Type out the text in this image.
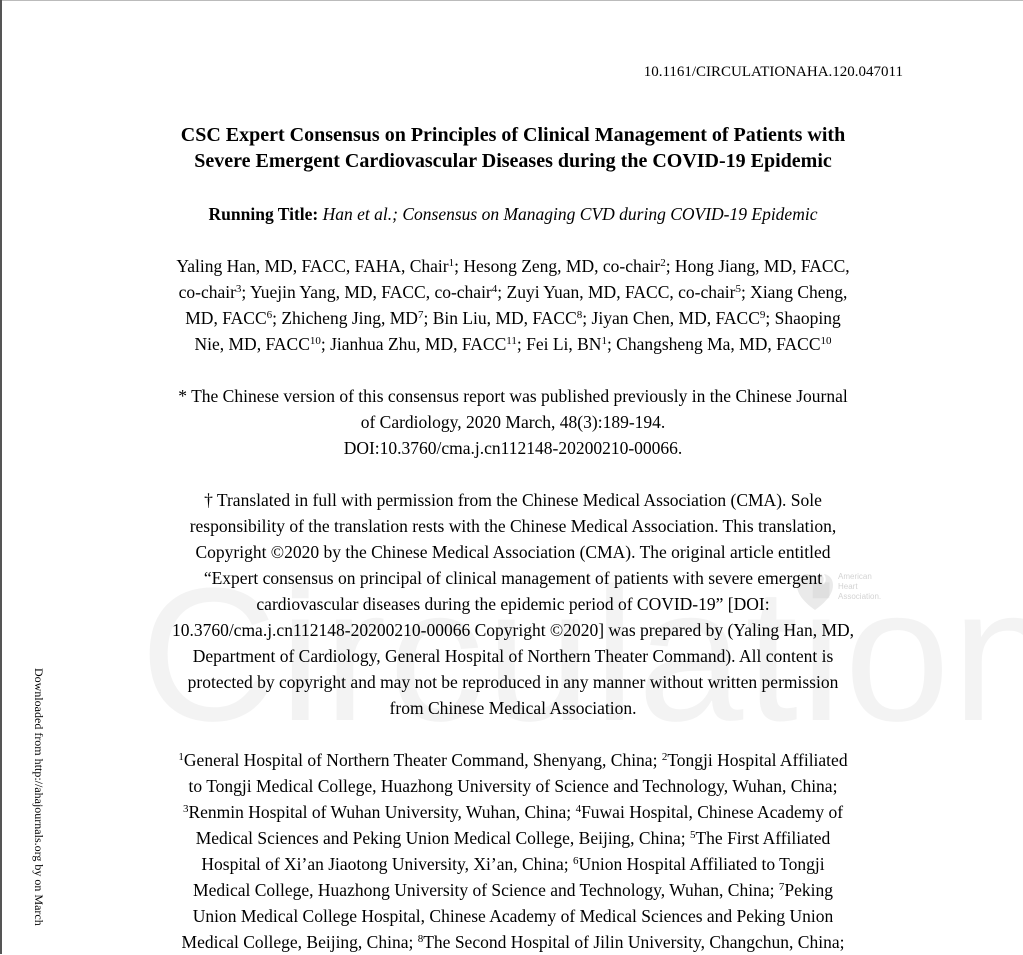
American
Heart
Association.
Downloaded from http://ahajournals.org by on March
10.1161/CIRCULATIONAHA.120.047011
CSC Expert Consensus on Principles of Clinical Management of Patients with
Severe Emergent Cardiovascular Diseases during the COVID-19 Epidemic
Running Title: Han et al.; Consensus on Managing CVD during COVID-19 Epidemic
Yaling Han, MD, FACC, FAHA, Chair$^1$; Hesong Zeng, MD, co-chair$^2$; Hong Jiang, MD, FACC,
co-chair$^3$; Yuejin Yang, MD, FACC, co-chair$^4$; Zuyi Yuan, MD, FACC, co-chair$^5$; Xiang Cheng,
MD, FACC$^6$; Zhicheng Jing, $MD^7$; Bin Liu, MD, FACC$^8$; Jiyan Chen, MD, FACC$^9$; Shaoping
Nie, MD, FACC$^{10}$; Jianhua Zhu, MD, FACC$^{11}$; Fei Li, $BN^1$; Changsheng Ma, MD, FACC$^{10}$
* The Chinese version of this consensus report was published previously in the Chinese Journal
of Cardiology, 2020 March, 48(3):189-194.
DOI:10.3760/cma.j.cn112148-20200210-00066.
† Translated in full with permission from the Chinese Medical Association (CMA). Sole
responsibility of the translation rests with the Chinese Medical Association. This translation,
Copyright ©2020 by the Chinese Medical Association (CMA). The original article entitled
“Expert consensus on principal of clinical management of patients with severe emergent
cardiovascular diseases during the epidemic period of COVID-19” [DOI:
10.3760/cma.j.cn112148-20200210-00066 Copyright ©2020] was prepared by (Yaling Han, MD,
Department of Cardiology, General Hospital of Northern Theater Command). All content is
protected by copyright and may not be reproduced in any manner without written permission
from Chinese Medical Association.
$^1$General Hospital of Northern Theater Command, Shenyang, China; $^2$Tongji Hospital Affiliated
to Tongji Medical College, Huazhong University of Science and Technology, Wuhan, China;
$^3$Renmin Hospital of Wuhan University, Wuhan, China; $^4$Fuwai Hospital, Chinese Academy of
Medical Sciences and Peking Union Medical College, Beijing, China; $^5$The First Affiliated
Hospital of Xi’an Jiaotong University, Xi’an, China; $^6$Union Hospital Affiliated to Tongji
Medical College, Huazhong University of Science and Technology, Wuhan, China; $^7$Peking
Union Medical College Hospital, Chinese Academy of Medical Sciences and Peking Union
Medical College, Beijing, China; $^8$The Second Hospital of Jilin University, Changchun, China;
